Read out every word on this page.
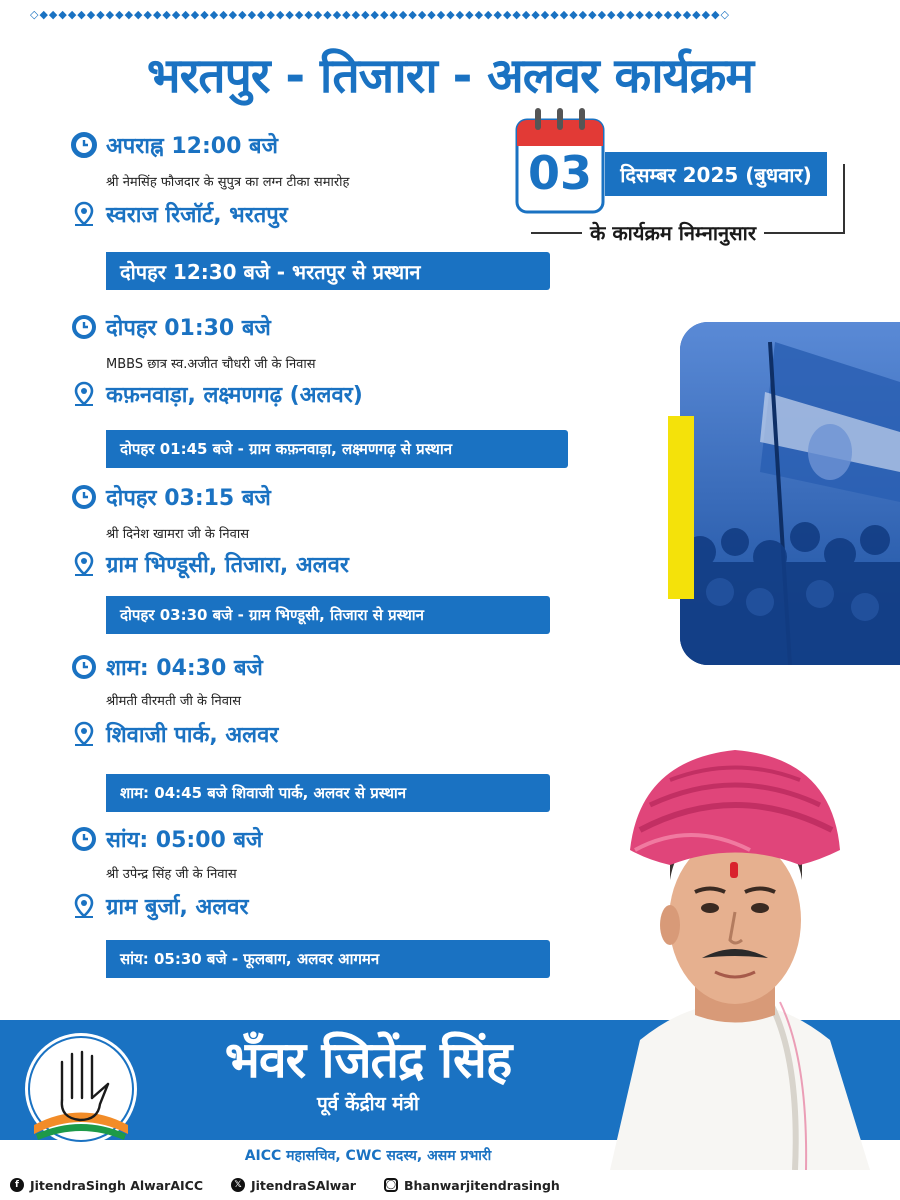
◇◆◆◆◆◆◆◆◆◆◆◆◆◆◆◆◆◆◆◆◆◆◆◆◆◆◆◆◆◆◆◆◆◆◆◆◆◆◆◆◆◆◆◆◆◆◆◆◆◆◆◆◆◆◆◆◆◆◆◆◆◆◆◆◆◆◆◆◆◆◆◆◆◇
भरतपुर - तिजारा - अलवर कार्यक्रम
03	दिसम्बर 2025 (बुधवार)
के कार्यक्रम निम्नानुसार
अपराह्न 12:00 बजे
श्री नेमसिंह फौजदार के सुपुत्र का लग्न टीका समारोह
स्वराज रिजॉर्ट, भरतपुर
दोपहर 12:30 बजे - भरतपुर से प्रस्थान
दोपहर 01:30 बजे
MBBS छात्र स्व.अजीत चौधरी जी के निवास
कफ़नवाड़ा, लक्ष्मणगढ़ (अलवर)
दोपहर 01:45 बजे - ग्राम कफ़नवाड़ा, लक्ष्मणगढ़ से प्रस्थान
दोपहर 03:15 बजे
श्री दिनेश खामरा जी के निवास
ग्राम भिण्डूसी, तिजारा, अलवर
दोपहर 03:30 बजे - ग्राम भिण्डूसी, तिजारा से प्रस्थान
शाम: 04:30 बजे
श्रीमती वीरमती जी के निवास
शिवाजी पार्क, अलवर
शाम: 04:45 बजे शिवाजी पार्क, अलवर से प्रस्थान
सांय: 05:00 बजे
श्री उपेन्द्र सिंह जी के निवास
ग्राम बुर्जा, अलवर
सांय: 05:30 बजे - फूलबाग, अलवर आगमन
भँवर जितेंद्र सिंह
पूर्व केंद्रीय मंत्री
AICC महासचिव, CWC सदस्य, असम प्रभारी
f JitendraSingh AlwarAICC	𝕏 JitendraSAlwar	◯ Bhanwarjitendrasingh
